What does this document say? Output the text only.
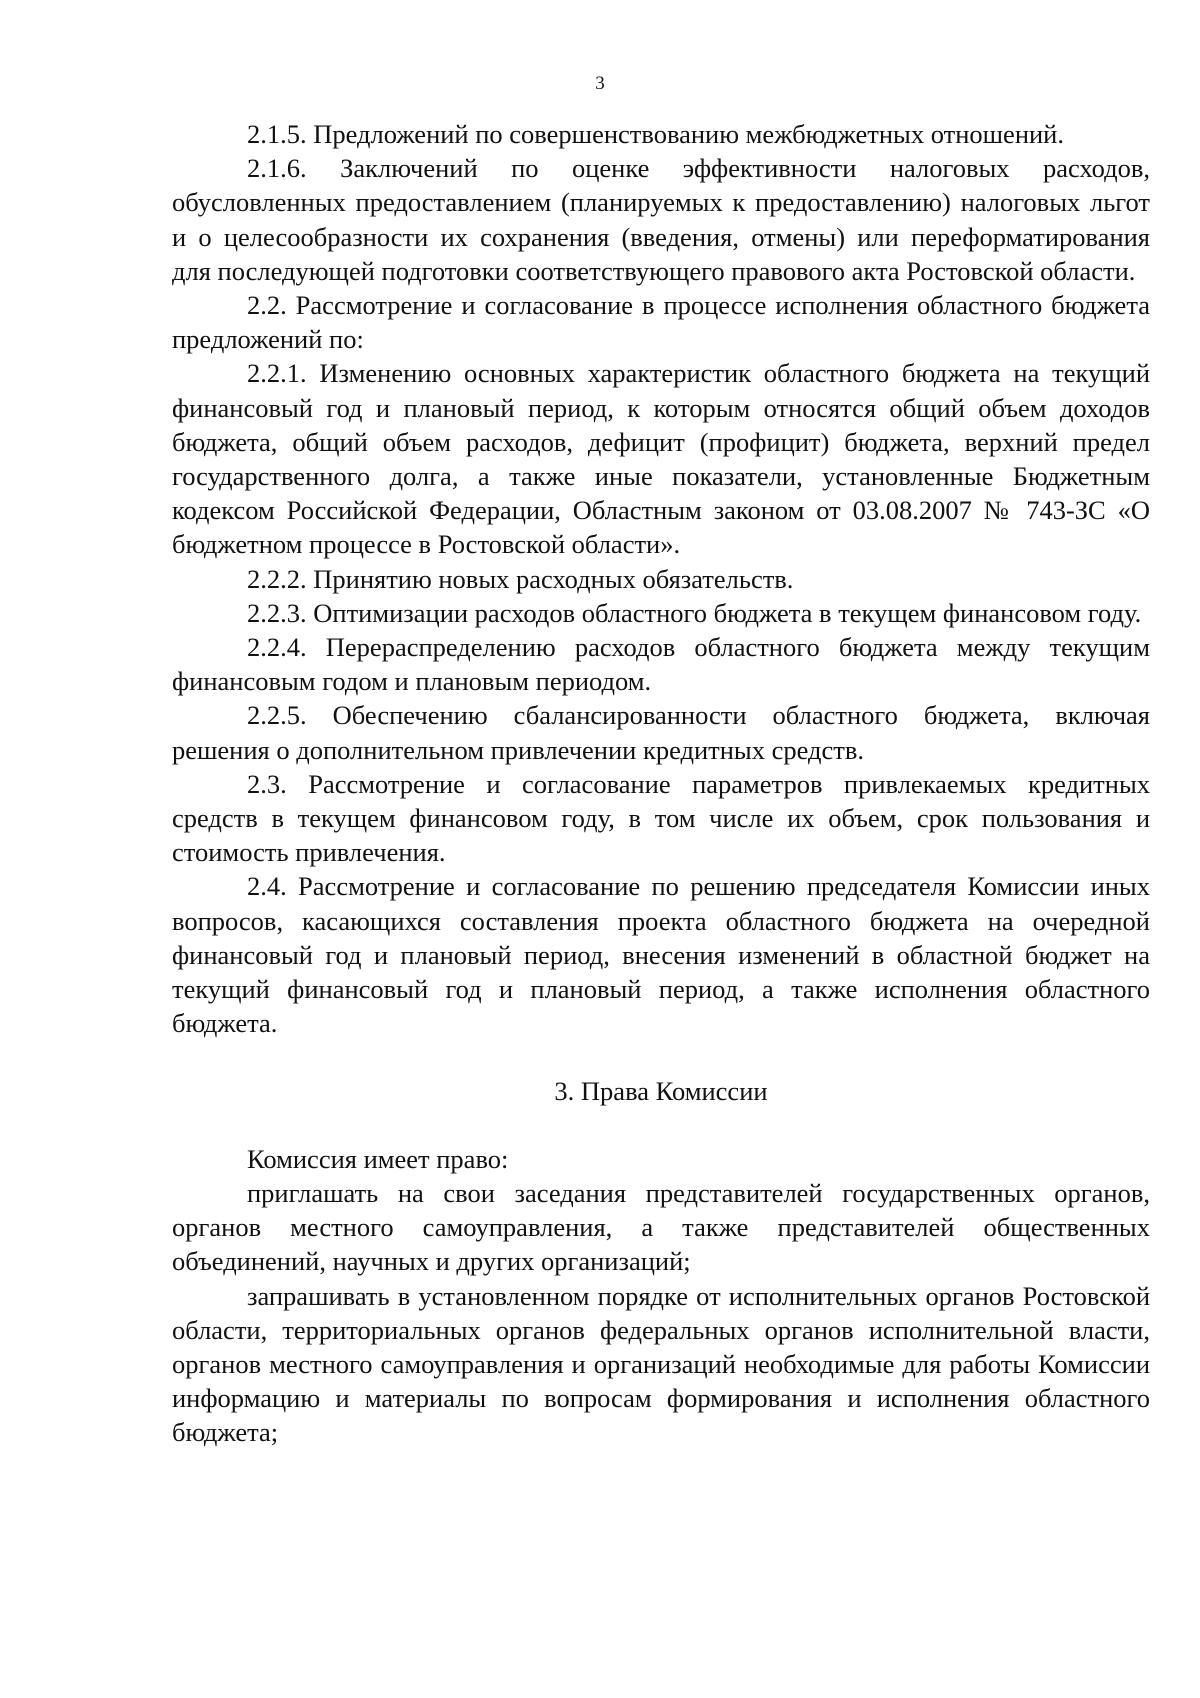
3

2.1.5. Предложений по совершенствованию межбюджетных отношений.

2.1.6. Заключений по оценке эффективности налоговых расходов, обусловленных предоставлением (планируемых к предоставлению) налоговых льгот и о целесообразности их сохранения (введения, отмены) или переформатирования для последующей подготовки соответствующего правового акта Ростовской области.

2.2. Рассмотрение и согласование в процессе исполнения областного бюджета предложений по:

2.2.1. Изменению основных характеристик областного бюджета на текущий финансовый год и плановый период, к которым относятся общий объем доходов бюджета, общий объем расходов, дефицит (профицит) бюджета, верхний предел государственного долга, а также иные показатели, установленные Бюджетным кодексом Российской Федерации, Областным законом от 03.08.2007 № 743-ЗС «О бюджетном процессе в Ростовской области».

2.2.2. Принятию новых расходных обязательств.

2.2.3. Оптимизации расходов областного бюджета в текущем финансовом году.

2.2.4. Перераспределению расходов областного бюджета между текущим финансовым годом и плановым периодом.

2.2.5. Обеспечению сбалансированности областного бюджета, включая решения о дополнительном привлечении кредитных средств.

2.3. Рассмотрение и согласование параметров привлекаемых кредитных средств в текущем финансовом году, в том числе их объем, срок пользования и стоимость привлечения.

2.4. Рассмотрение и согласование по решению председателя Комиссии иных вопросов, касающихся составления проекта областного бюджета на очередной финансовый год и плановый период, внесения изменений в областной бюджет на текущий финансовый год и плановый период, а также исполнения областного бюджета.

3. Права Комиссии

Комиссия имеет право:

приглашать на свои заседания представителей государственных органов, органов местного самоуправления, а также представителей общественных объединений, научных и других организаций;

запрашивать в установленном порядке от исполнительных органов Ростовской области, территориальных органов федеральных органов исполнительной власти, органов местного самоуправления и организаций необходимые для работы Комиссии информацию и материалы по вопросам формирования и исполнения областного бюджета;
